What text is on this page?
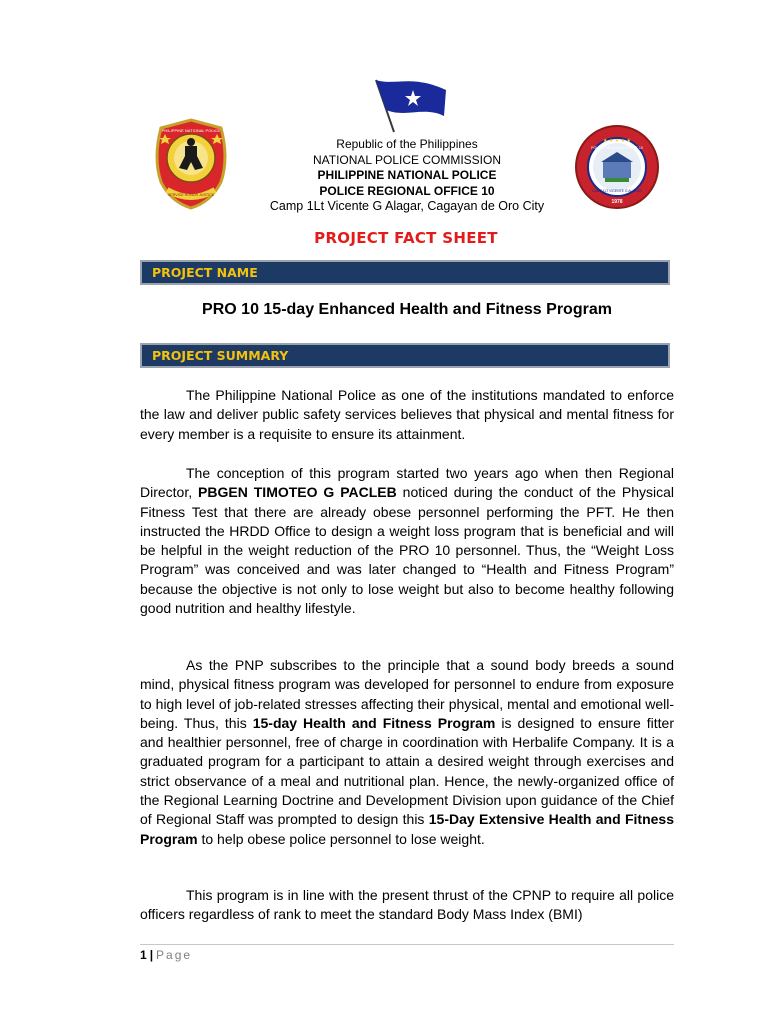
PHILIPPINE NATIONAL POLICE
SERVICE HONOR JUSTICE
★ ★ ★ ★ ★
POLICE REGIONAL OFFICE 10
CAMP 1LT VICENTE G ALAGAR
1978
Republic of the Philippines
NATIONAL POLICE COMMISSION
PHILIPPINE NATIONAL POLICE
POLICE REGIONAL OFFICE 10
Camp 1Lt Vicente G Alagar, Cagayan de Oro City
PROJECT FACT SHEET
PROJECT NAME
PRO 10 15-day Enhanced Health and Fitness Program
PROJECT SUMMARY

The Philippine National Police as one of the institutions mandated to enforce the law and deliver public safety services believes that physical and mental fitness for every member is a requisite to ensure its attainment.

The conception of this program started two years ago when then Regional Director, PBGEN TIMOTEO G PACLEB noticed during the conduct of the Physical Fitness Test that there are already obese personnel performing the PFT. He then instructed the HRDD Office to design a weight loss program that is beneficial and will be helpful in the weight reduction of the PRO 10 personnel. Thus, the “Weight Loss Program” was conceived and was later changed to “Health and Fitness Program” because the objective is not only to lose weight but also to become healthy following good nutrition and healthy lifestyle.

As the PNP subscribes to the principle that a sound body breeds a sound mind, physical fitness program was developed for personnel to endure from exposure to high level of job-related stresses affecting their physical, mental and emotional well-being. Thus, this 15-day Health and Fitness Program is designed to ensure fitter and healthier personnel, free of charge in coordination with Herbalife Company. It is a graduated program for a participant to attain a desired weight through exercises and strict observance of a meal and nutritional plan. Hence, the newly-organized office of the Regional Learning Doctrine and Development Division upon guidance of the Chief of Regional Staff was prompted to design this 15-Day Extensive Health and Fitness Program to help obese police personnel to lose weight.

This program is in line with the present thrust of the CPNP to require all police officers regardless of rank to meet the standard Body Mass Index (BMI)

1 | Page
